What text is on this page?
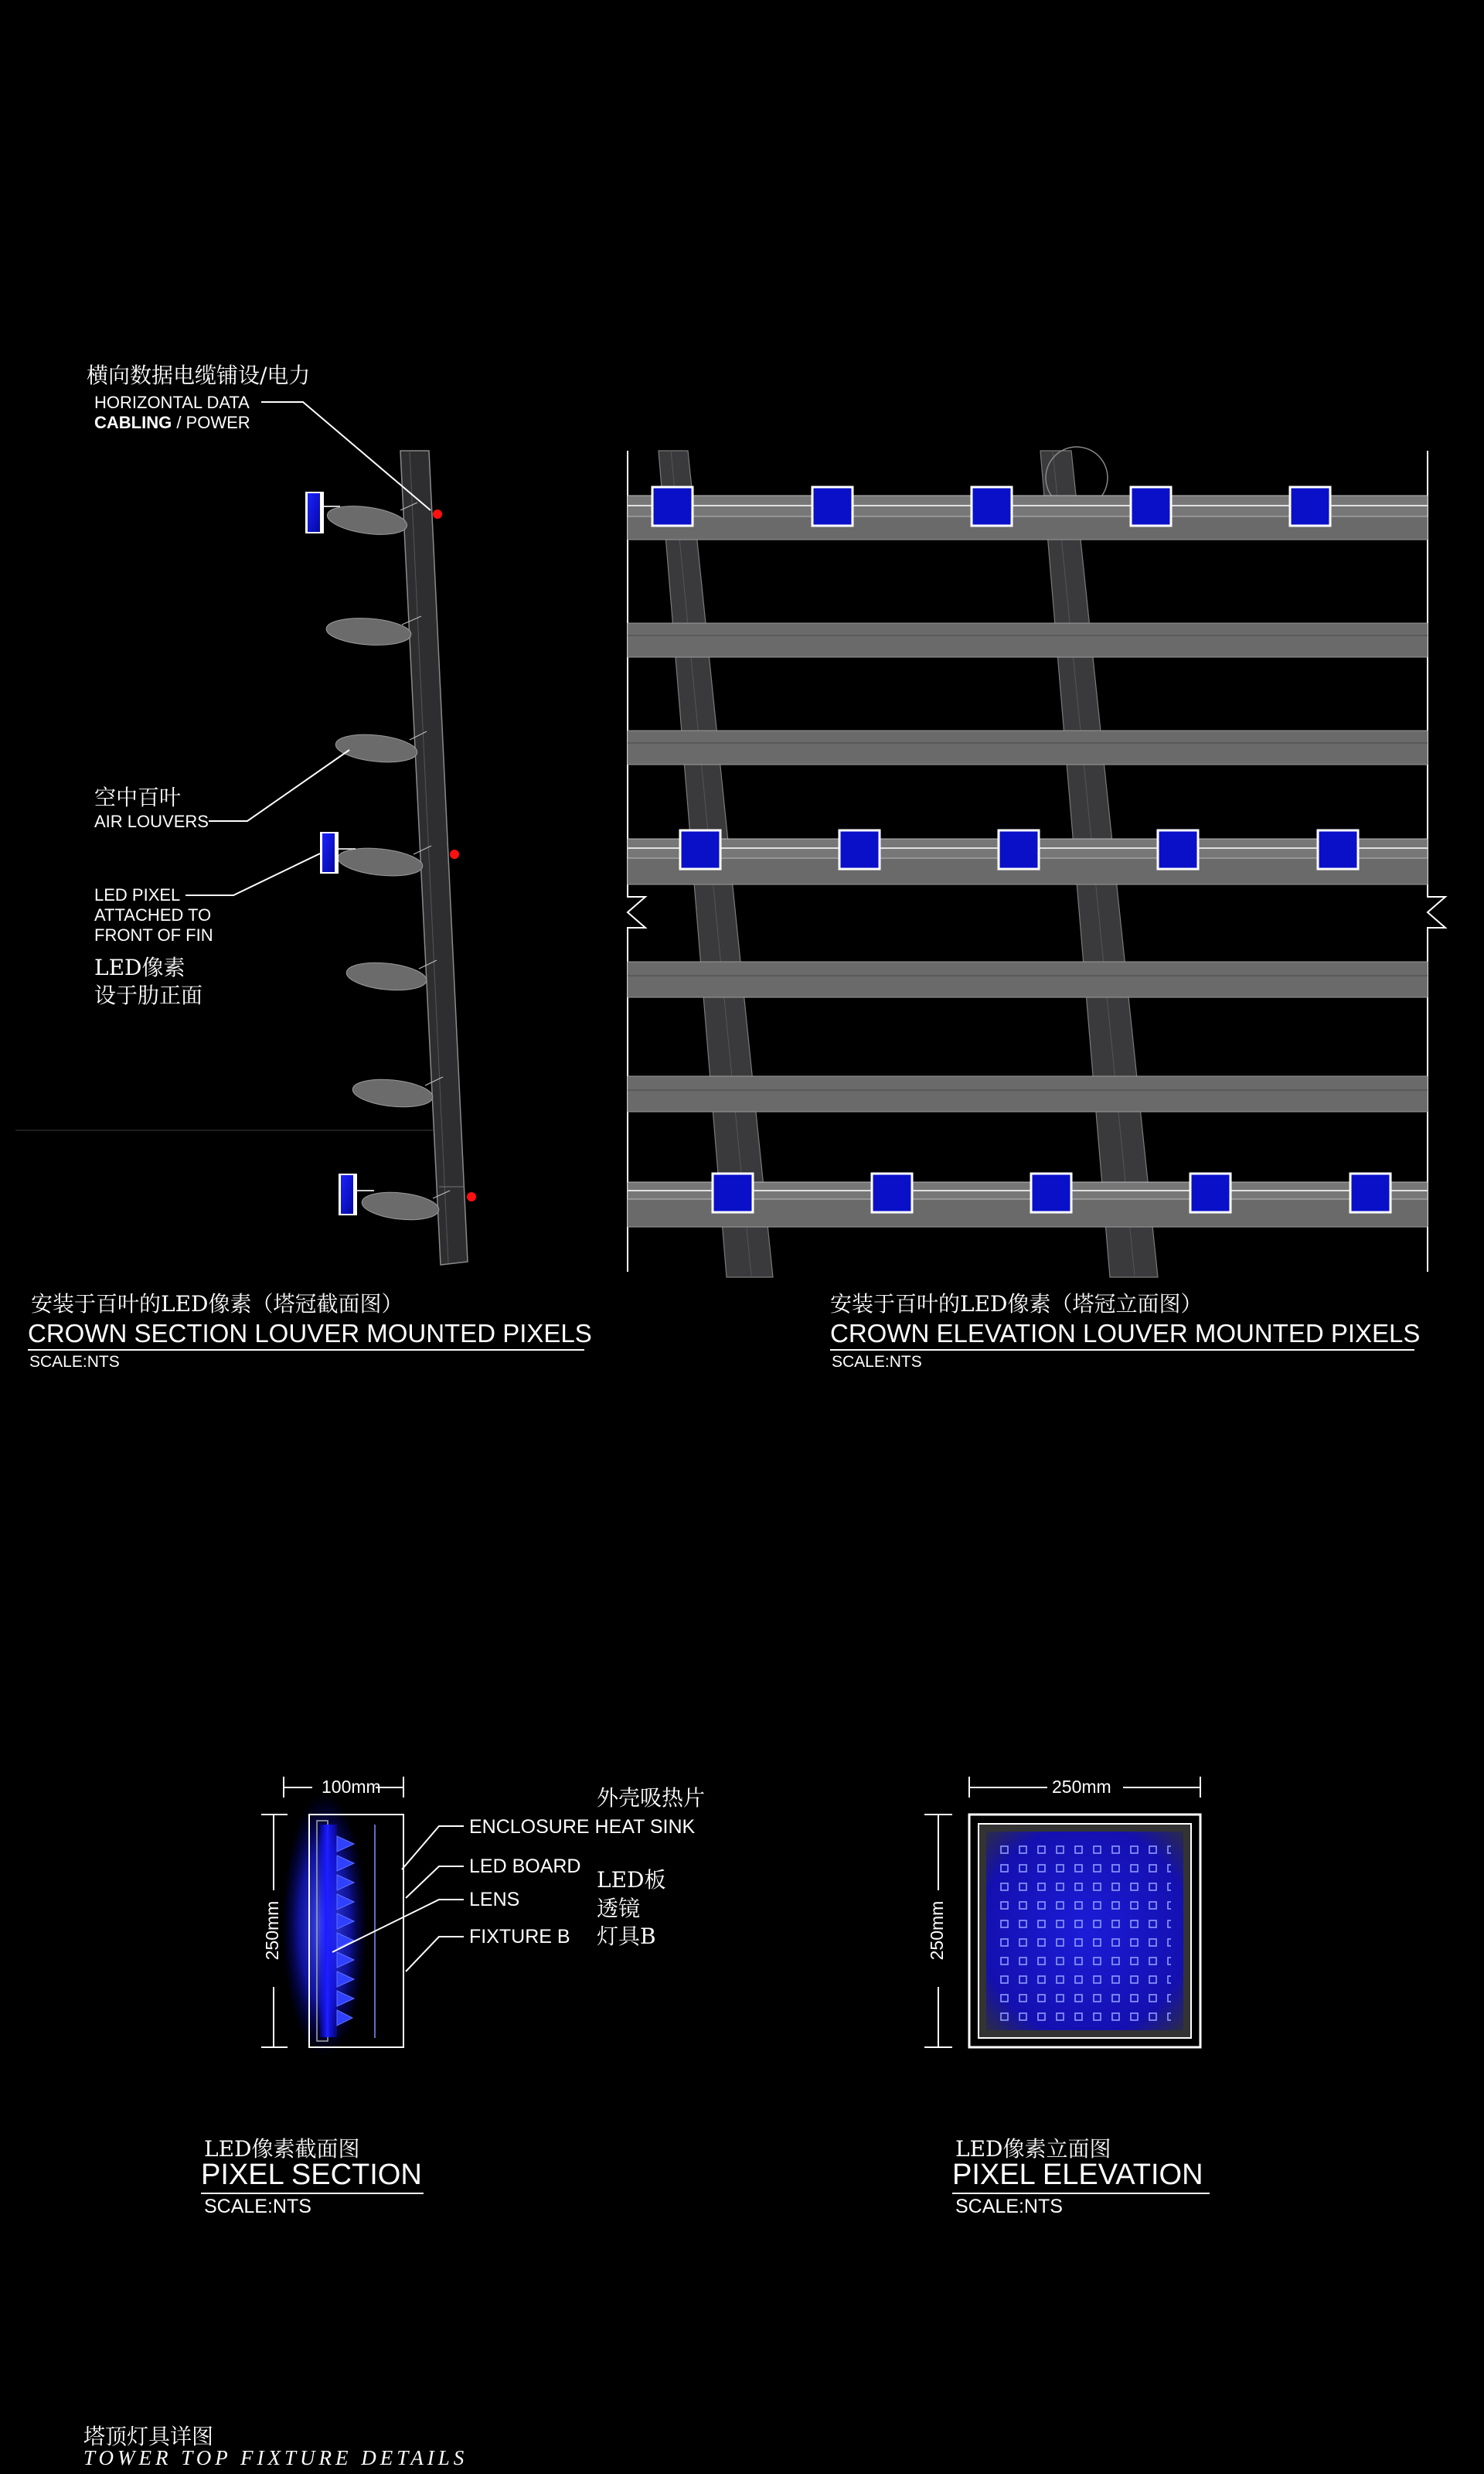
横向数据电缆铺设/电力
HORIZONTAL DATA
CABLING / POWER
空中百叶
AIR LOUVERS
LED PIXEL
ATTACHED TO
FRONT OF FIN
LED像素
设于肋正面
安装于百叶的LED像素（塔冠截面图）
CROWN SECTION LOUVER MOUNTED PIXELS
SCALE:NTS
安装于百叶的LED像素（塔冠立面图）
CROWN ELEVATION LOUVER MOUNTED PIXELS
SCALE:NTS
100mm
250mm
外壳吸热片
ENCLOSURE HEAT SINK
LED BOARD
LED板
LENS	透镜
FIXTURE B 灯具B
250mm
250mm
LED像素截面图
PIXEL SECTION
SCALE:NTS
LED像素立面图
PIXEL ELEVATION
SCALE:NTS
塔顶灯具详图
TOWER TOP FIXTURE DETAILS
